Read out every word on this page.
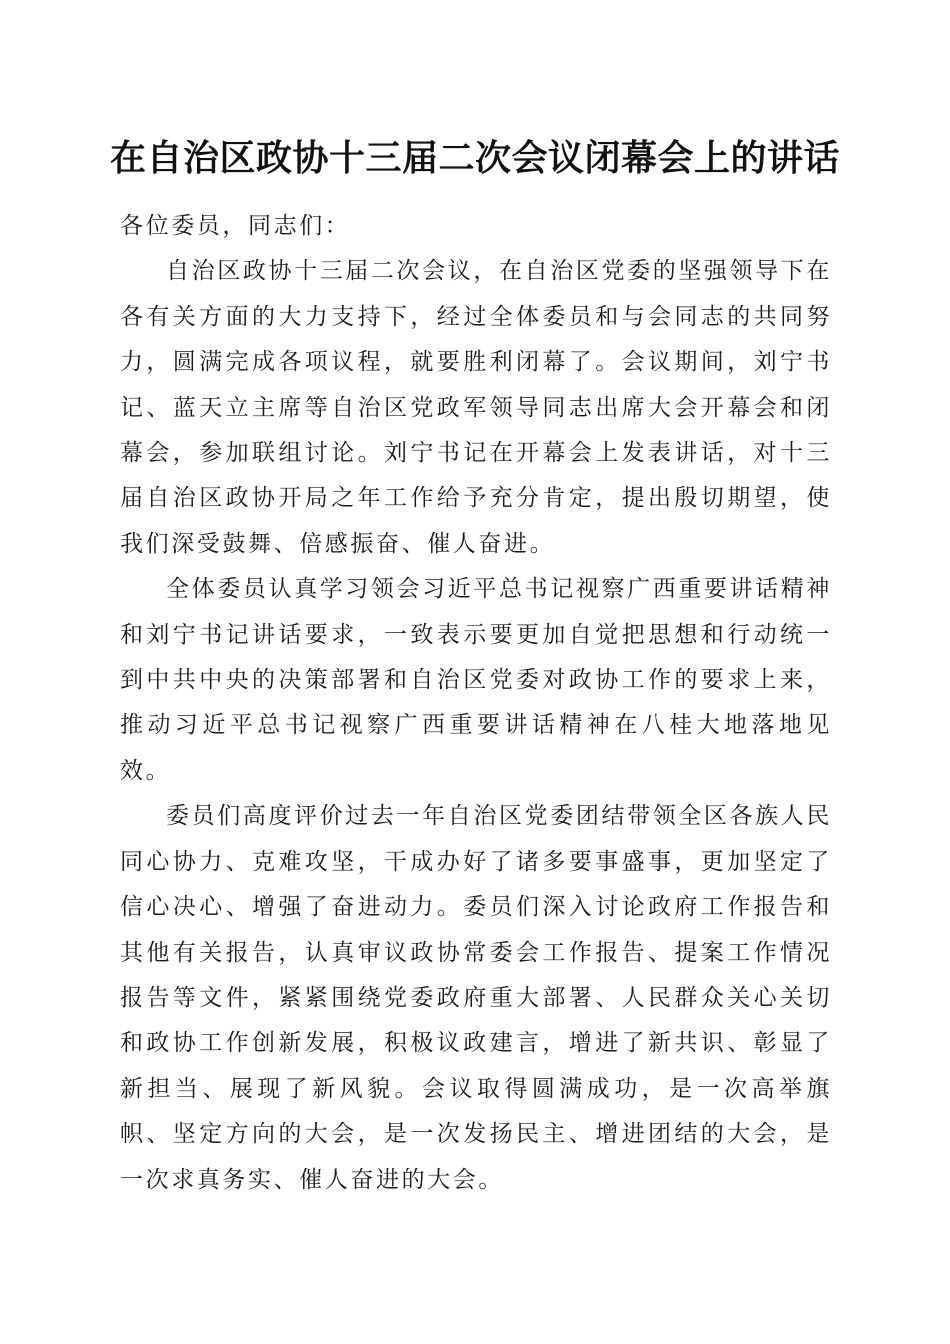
在自治区政协十三届二次会议闭幕会上的讲话

各位委员，同志们：

自治区政协十三届二次会议，在自治区党委的坚强领导下在各有关方面的大力支持下，经过全体委员和与会同志的共同努力，圆满完成各项议程，就要胜利闭幕了。会议期间，刘宁书记、蓝天立主席等自治区党政军领导同志出席大会开幕会和闭幕会，参加联组讨论。刘宁书记在开幕会上发表讲话，对十三届自治区政协开局之年工作给予充分肯定，提出殷切期望，使我们深受鼓舞、倍感振奋、催人奋进。

全体委员认真学习领会习近平总书记视察广西重要讲话精神和刘宁书记讲话要求，一致表示要更加自觉把思想和行动统一到中共中央的决策部署和自治区党委对政协工作的要求上来，推动习近平总书记视察广西重要讲话精神在八桂大地落地见效。

委员们高度评价过去一年自治区党委团结带领全区各族人民同心协力、克难攻坚，干成办好了诸多要事盛事，更加坚定了信心决心、增强了奋进动力。委员们深入讨论政府工作报告和其他有关报告，认真审议政协常委会工作报告、提案工作情况报告等文件，紧紧围绕党委政府重大部署、人民群众关心关切和政协工作创新发展，积极议政建言，增进了新共识、彰显了新担当、展现了新风貌。会议取得圆满成功，是一次高举旗帜、坚定方向的大会，是一次发扬民主、增进团结的大会，是一次求真务实、催人奋进的大会。
